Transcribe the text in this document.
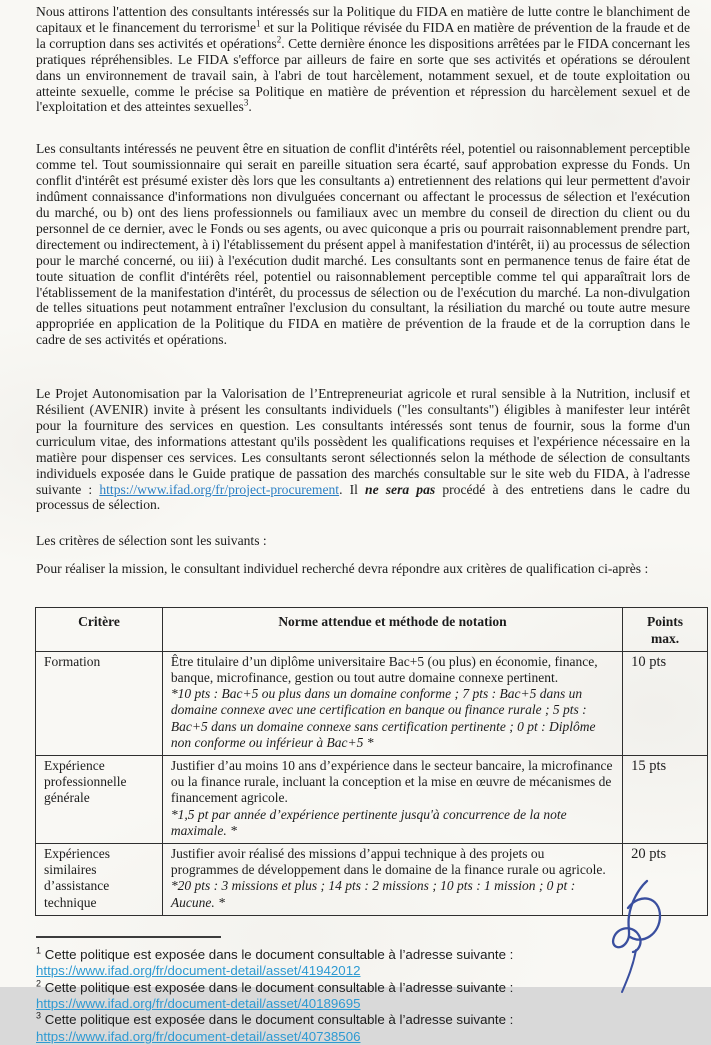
Nous attirons l'attention des consultants intéressés sur la Politique du FIDA en matière de lutte contre le blanchiment de capitaux et le financement du terrorisme$^1$ et sur la Politique révisée du FIDA en matière de prévention de la fraude et de la corruption dans ses activités et opérations$^2$. Cette dernière énonce les dispositions arrêtées par le FIDA concernant les pratiques répréhensibles. Le FIDA s'efforce par ailleurs de faire en sorte que ses activités et opérations se déroulent dans un environnement de travail sain, à l'abri de tout harcèlement, notamment sexuel, et de toute exploitation ou atteinte sexuelle, comme le précise sa Politique en matière de prévention et répression du harcèlement sexuel et de l'exploitation et des atteintes sexuelles$^3$.

Les consultants intéressés ne peuvent être en situation de conflit d'intérêts réel, potentiel ou raisonnablement perceptible comme tel. Tout soumissionnaire qui serait en pareille situation sera écarté, sauf approbation expresse du Fonds. Un conflit d'intérêt est présumé exister dès lors que les consultants a) entretiennent des relations qui leur permettent d'avoir indûment connaissance d'informations non divulguées concernant ou affectant le processus de sélection et l'exécution du marché, ou b) ont des liens professionnels ou familiaux avec un membre du conseil de direction du client ou du personnel de ce dernier, avec le Fonds ou ses agents, ou avec quiconque a pris ou pourrait raisonnablement prendre part, directement ou indirectement, à i) l'établissement du présent appel à manifestation d'intérêt, ii) au processus de sélection pour le marché concerné, ou iii) à l'exécution dudit marché. Les consultants sont en permanence tenus de faire état de toute situation de conflit d'intérêts réel, potentiel ou raisonnablement perceptible comme tel qui apparaîtrait lors de l'établissement de la manifestation d'intérêt, du processus de sélection ou de l'exécution du marché. La non-divulgation de telles situations peut notamment entraîner l'exclusion du consultant, la résiliation du marché ou toute autre mesure appropriée en application de la Politique du FIDA en matière de prévention de la fraude et de la corruption dans le cadre de ses activités et opérations.

Le Projet Autonomisation par la Valorisation de l’Entrepreneuriat agricole et rural sensible à la Nutrition, inclusif et Résilient (AVENIR) invite à présent les consultants individuels ("les consultants") éligibles à manifester leur intérêt pour la fourniture des services en question. Les consultants intéressés sont tenus de fournir, sous la forme d'un curriculum vitae, des informations attestant qu'ils possèdent les qualifications requises et l'expérience nécessaire en la matière pour dispenser ces services. Les consultants seront sélectionnés selon la méthode de sélection de consultants individuels exposée dans le Guide pratique de passation des marchés consultable sur le site web du FIDA, à l'adresse suivante : https://www.ifad.org/fr/project-procurement. Il ne sera pas procédé à des entretiens dans le cadre du processus de sélection.

Les critères de sélection sont les suivants :

Pour réaliser la mission, le consultant individuel recherché devra répondre aux critères de qualification ci-après :

Critère	Norme attendue et méthode de notation	Points
max.

Formation	Être titulaire d’un diplôme universitaire Bac+5 (ou plus) en économie, finance, banque, microfinance, gestion ou tout autre domaine connexe pertinent.
*10 pts : Bac+5 ou plus dans un domaine conforme ; 7 pts : Bac+5 dans un domaine connexe avec une certification en banque ou finance rurale ; 5 pts : Bac+5 dans un domaine connexe sans certification pertinente ; 0 pt : Diplôme non conforme ou inférieur à Bac+5 *	10 pts
Expérience professionnelle générale	Justifier d’au moins 10 ans d’expérience dans le secteur bancaire, la microfinance ou la finance rurale, incluant la conception et la mise en œuvre de mécanismes de financement agricole.
*1,5 pt par année d’expérience pertinente jusqu'à concurrence de la note maximale. *	15 pts
Expériences similaires d’assistance technique	Justifier avoir réalisé des missions d’appui technique à des projets ou programmes de développement dans le domaine de la finance rurale ou agricole.
*20 pts : 3 missions et plus ; 14 pts : 2 missions ; 10 pts : 1 mission ; 0 pt : Aucune. *	20 pts
$^1$ Cette politique est exposée dans le document consultable à l’adresse suivante :
https://www.ifad.org/fr/document-detail/asset/41942012
$^2$ Cette politique est exposée dans le document consultable à l’adresse suivante :
https://www.ifad.org/fr/document-detail/asset/40189695
$^3$ Cette politique est exposée dans le document consultable à l’adresse suivante :
https://www.ifad.org/fr/document-detail/asset/40738506
